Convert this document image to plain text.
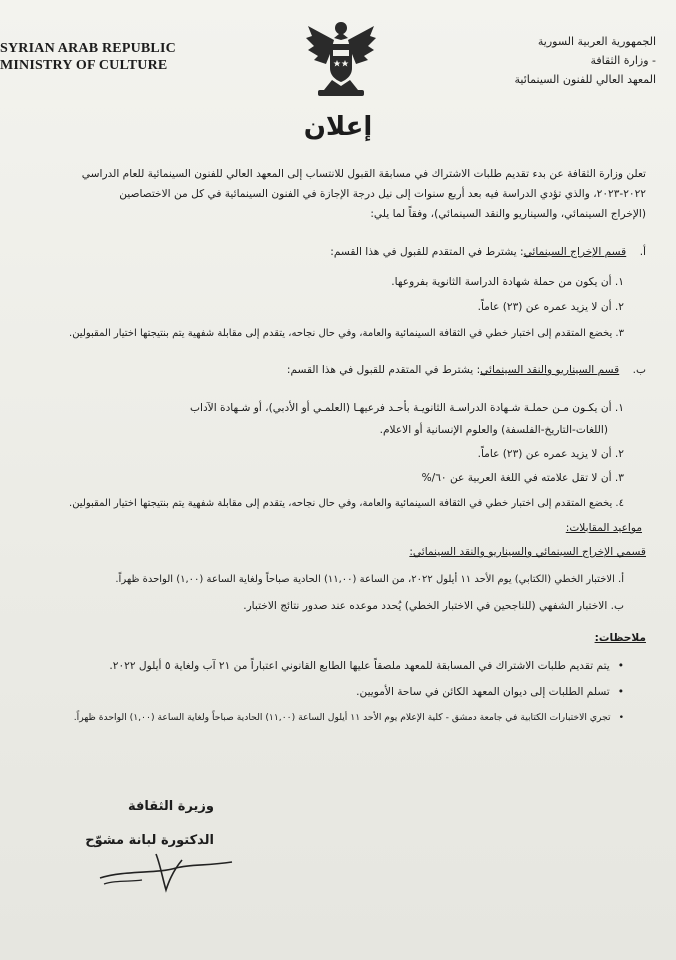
SYRIAN ARAB REPUBLIC
MINISTRY OF CULTURE
الجمهورية العربية السورية
- وزارة الثقافة
المعهد العالي للفنون السينمائية
إعلان
تعلن وزارة الثقافة عن بدء تقديم طلبات الاشتراك في مسابقة القبول للانتساب إلى المعهد العالي للفنون السينمائية للعام الدراسي
٢٠٢٢-٢٠٢٣، والذي تؤدي الدراسة فيه بعد أربع سنوات إلى نيل درجة الإجازة في الفنون السينمائية في كل من الاختصاصين
(الإخراج السينمائي، والسيناريو والنقد السينمائي)، وفقاً لما يلي:
أ.    قسم الإخراج السينمائي: يشترط في المتقدم للقبول في هذا القسم:
١. أن يكون من حملة شهادة الدراسة الثانوية بفروعها.
٢. أن لا يزيد عمره عن (٢٣) عاماً.
٣. يخضع المتقدم إلى اختبار خطي في الثقافة السينمائية والعامة، وفي حال نجاحه، يتقدم إلى مقابلة شفهية يتم بنتيجتها اختيار المقبولين.
ب.    قسم السيناريو والنقد السينمائي: يشترط في المتقدم للقبول في هذا القسم:
١. أن يكـون مـن حملـة شـهادة الدراسـة الثانويـة بأحـد فرعيهـا (العلمـي أو الأدبي)، أو شـهادة الآداب
(اللغات-التاريخ-الفلسفة) والعلوم الإنسانية أو الاعلام.
٢. أن لا يزيد عمره عن (٢٣) عاماً.
٣. أن لا تقل علامته في اللغة العربية عن ٦٠/%
٤. يخضع المتقدم إلى اختبار خطي في الثقافة السينمائية والعامة، وفي حال نجاحه، يتقدم إلى مقابلة شفهية يتم بنتيجتها اختيار المقبولين.
مواعيد المقابلات:
قسمي الإخراج السينمائي والسيناريو والنقد السينمائي:
أ. الاختبار الخطي (الكتابي) يوم الأحد ١١ أيلول ٢٠٢٢، من الساعة (١١,٠٠) الحادية صباحاً ولغاية الساعة (١,٠٠) الواحدة ظهراً.
ب. الاختبار الشفهي (للناجحين في الاختبار الخطي) يُحدد موعده عند صدور نتائج الاختبار.
ملاحظات:
• يتم تقديم طلبات الاشتراك في المسابقة للمعهد ملصقاً عليها الطابع القانوني اعتباراً من ٢١ آب ولغاية ٥ أيلول ٢٠٢٢.
• تسلم الطلبات إلى ديوان المعهد الكائن في ساحة الأمويين.
• تجري الاختبارات الكتابية في جامعة دمشق - كلية الإعلام يوم الأحد ١١ أيلول الساعة (١١,٠٠) الحادية صباحاً ولغاية الساعة (١,٠٠) الواحدة ظهراً.
وزيرة الثقافة
الدكتورة لبانة مشوّح
